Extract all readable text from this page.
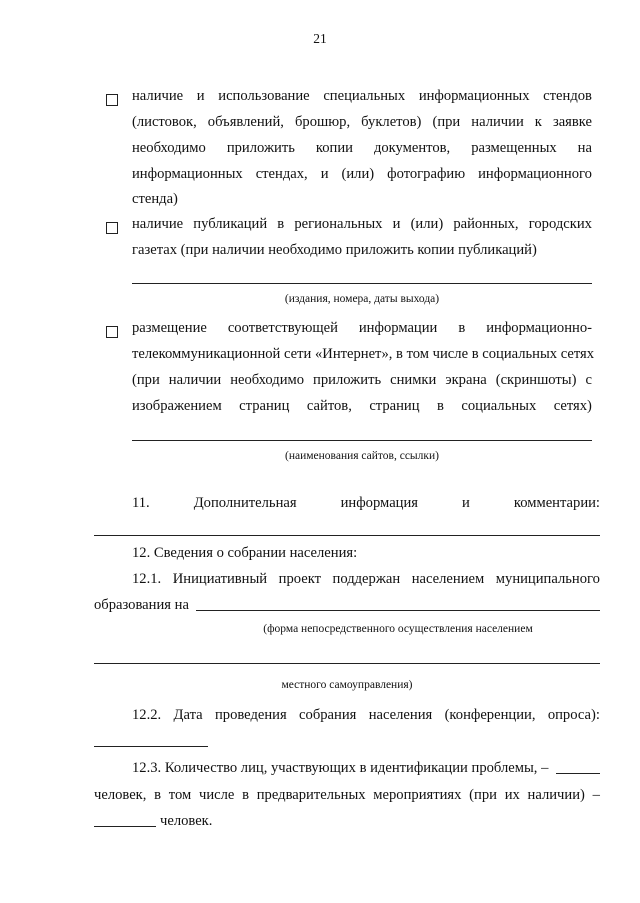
21
наличие и использование специальных информационных стендов
(листовок, объявлений, брошюр, буклетов) (при наличии к заявке
необходимо приложить копии документов, размещенных на
информационных стендах, и (или) фотографию информационного
стенда)
наличие публикаций в региональных и (или) районных, городских
газетах (при наличии необходимо приложить копии публикаций)
(издания, номера, даты выхода)
размещение соответствующей информации в информационно-
телекоммуникационной сети «Интернет», в том числе в социальных сетях
(при наличии необходимо приложить снимки экрана (скриншоты) с
изображением страниц сайтов, страниц в социальных сетях)
(наименования сайтов, ссылки)
11.	Дополнительная	информация	и	комментарии:
12. Сведения о собрании населения:
12.1. Инициативный проект поддержан населением муниципального
образования на
(форма непосредственного осуществления населением
местного самоуправления)
12.2. Дата проведения собрания населения (конференции, опроса):
12.3. Количество лиц, участвующих в идентификации проблемы, –
человек, в том числе в предварительных мероприятиях (при их наличии) –
человек.
